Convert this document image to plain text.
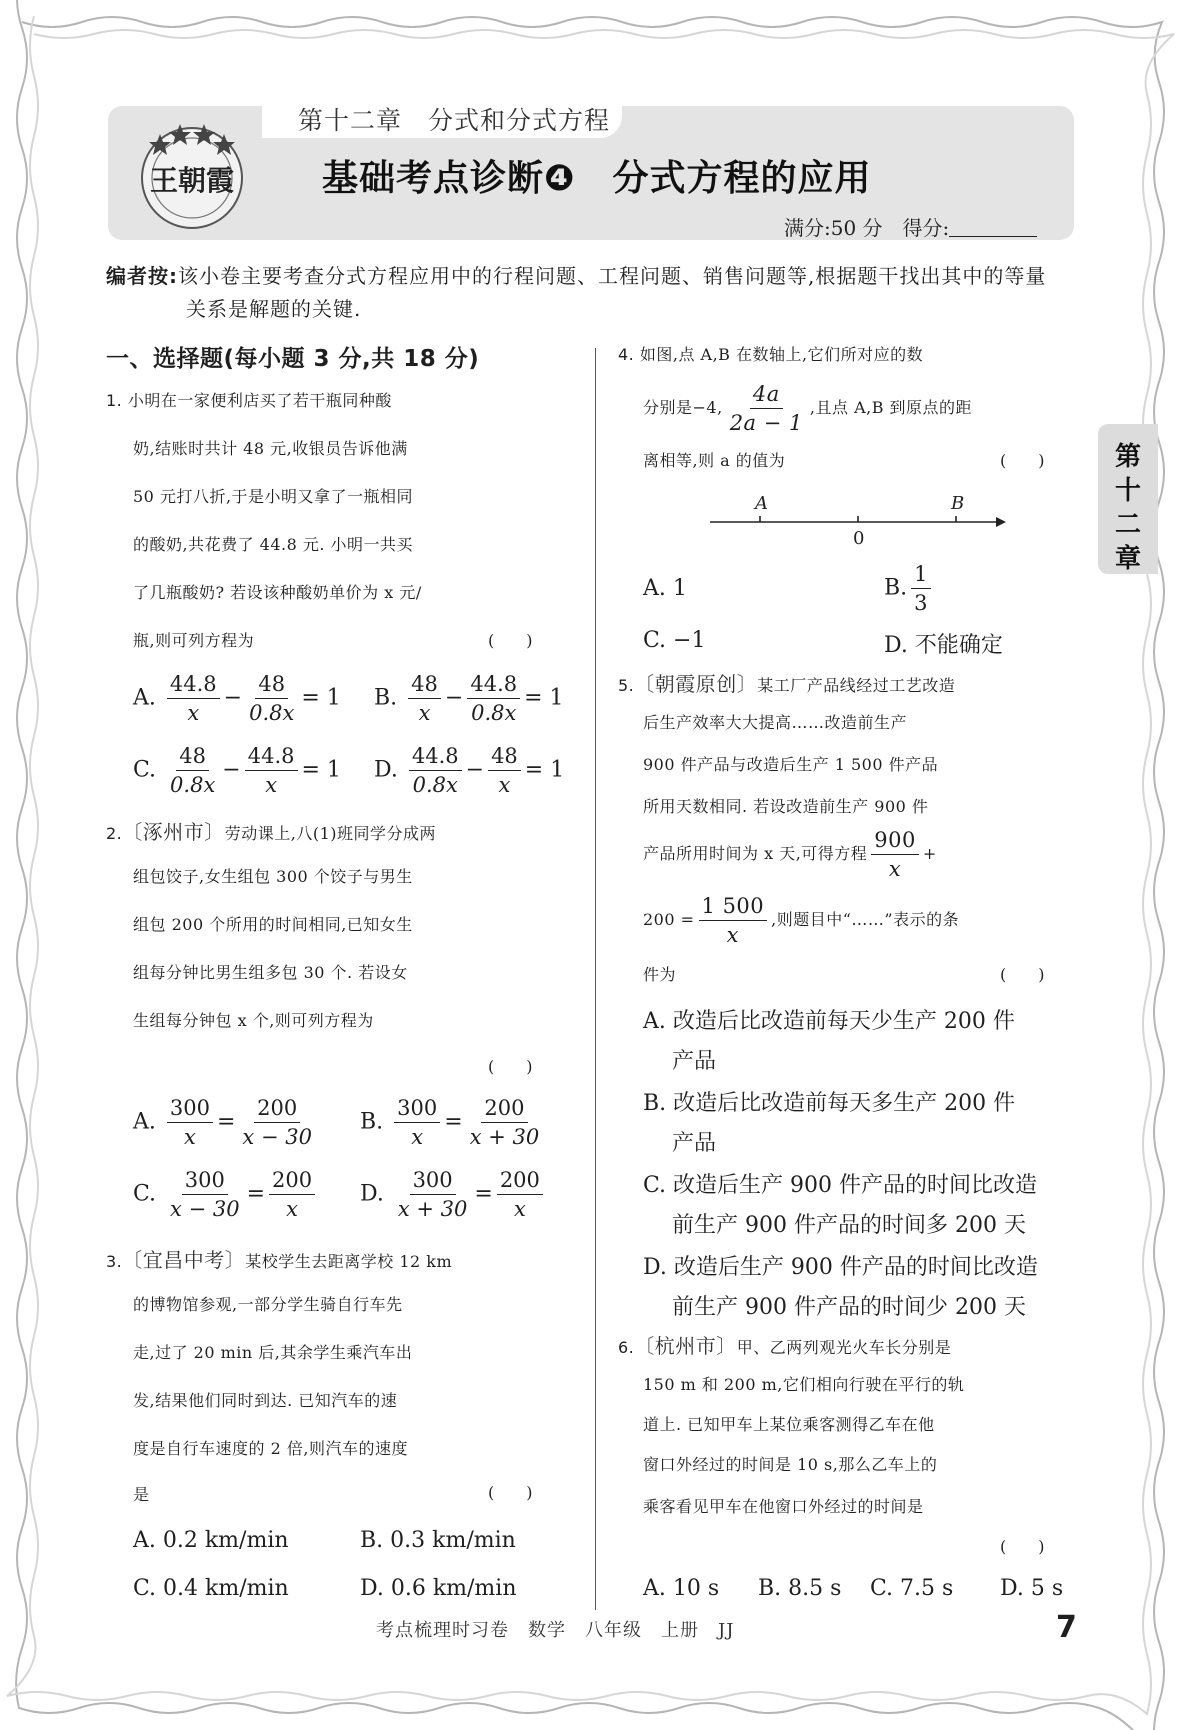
第十二章　分式和分式方程
王朝霞 基础考点诊断❹　分式方程的应用
满分:50 分　得分:
编者按:该小卷主要考查分式方程应用中的行程问题、工程问题、销售问题等,根据题干找出其中的等量
关系是解题的关键.
一、选择题(每小题 3 分,共 18 分)
1. 小明在一家便利店买了若干瓶同种酸
奶,结账时共计 48 元,收银员告诉他满
50 元打八折,于是小明又拿了一瓶相同
的酸奶,共花费了 44.8 元. 小明一共买
了几瓶酸奶? 若设该种酸奶单价为 x 元/
瓶,则可列方程为	(　　)
A. $\frac{44.8}{x} - \frac{48}{0.8x} = 1$ B. $\frac{48}{x} - \frac{44.8}{0.8x} = 1$
C. $\frac{48}{0.8x} - \frac{44.8}{x} = 1$ D. $\frac{44.8}{0.8x} - \frac{48}{x} = 1$
2.〔涿州市〕劳动课上,八(1)班同学分成两
组包饺子,女生组包 300 个饺子与男生
组包 200 个所用的时间相同,已知女生
组每分钟比男生组多包 30 个. 若设女
生组每分钟包 x 个,则可列方程为
(　　)
A. $\frac{300}{x} = \frac{200}{x - 30} B$. $\frac{300}{x} = \frac{200}{x + 30}$
C. $\frac{300}{x - 30} = \frac{200}{x} D$. $\frac{300}{x + 30} = \frac{200}{x}$
3.〔宜昌中考〕某校学生去距离学校 12 km
的博物馆参观,一部分学生骑自行车先
走,过了 20 min 后,其余学生乘汽车出
发,结果他们同时到达. 已知汽车的速
度是自行车速度的 2 倍,则汽车的速度
是	(　　)
A. 0.2 km/min	B. 0.3 km/min
C. 0.4 km/min	D. 0.6 km/min
4. 如图,点 A,B 在数轴上,它们所对应的数
分别是−4, $\frac{4a}{2a - 1}$ ,且点 A,B 到原点的距
离相等,则 a 的值为	(　　)
A	B
0
A. 1	B. $\frac{1}{3}$
C. −1	D. 不能确定
5.〔朝霞原创〕某工厂产品线经过工艺改造
后生产效率大大提高……改造前生产
900 件产品与改造后生产 1 500 件产品
所用天数相同. 若设改造前生产 900 件
产品所用时间为 x 天,可得方程 $\frac{900}{x}$ +
$200 = \frac{1 500}{x}$ ,则题目中“……”表示的条
件为	(　　)
A. 改造后比改造前每天少生产 200 件
产品
B. 改造后比改造前每天多生产 200 件
产品
C. 改造后生产 900 件产品的时间比改造
前生产 900 件产品的时间多 200 天
D. 改造后生产 900 件产品的时间比改造
前生产 900 件产品的时间少 200 天
6.〔杭州市〕甲、乙两列观光火车长分别是
150 m 和 200 m,它们相向行驶在平行的轨
道上. 已知甲车上某位乘客测得乙车在他
窗口外经过的时间是 10 s,那么乙车上的
乘客看见甲车在他窗口外经过的时间是
(　　)
A. 10 s B. 8.5 s C. 7.5 s D. 5 s
第十二章
考点梳理时习卷　数学　八年级　上册　JJ	7
